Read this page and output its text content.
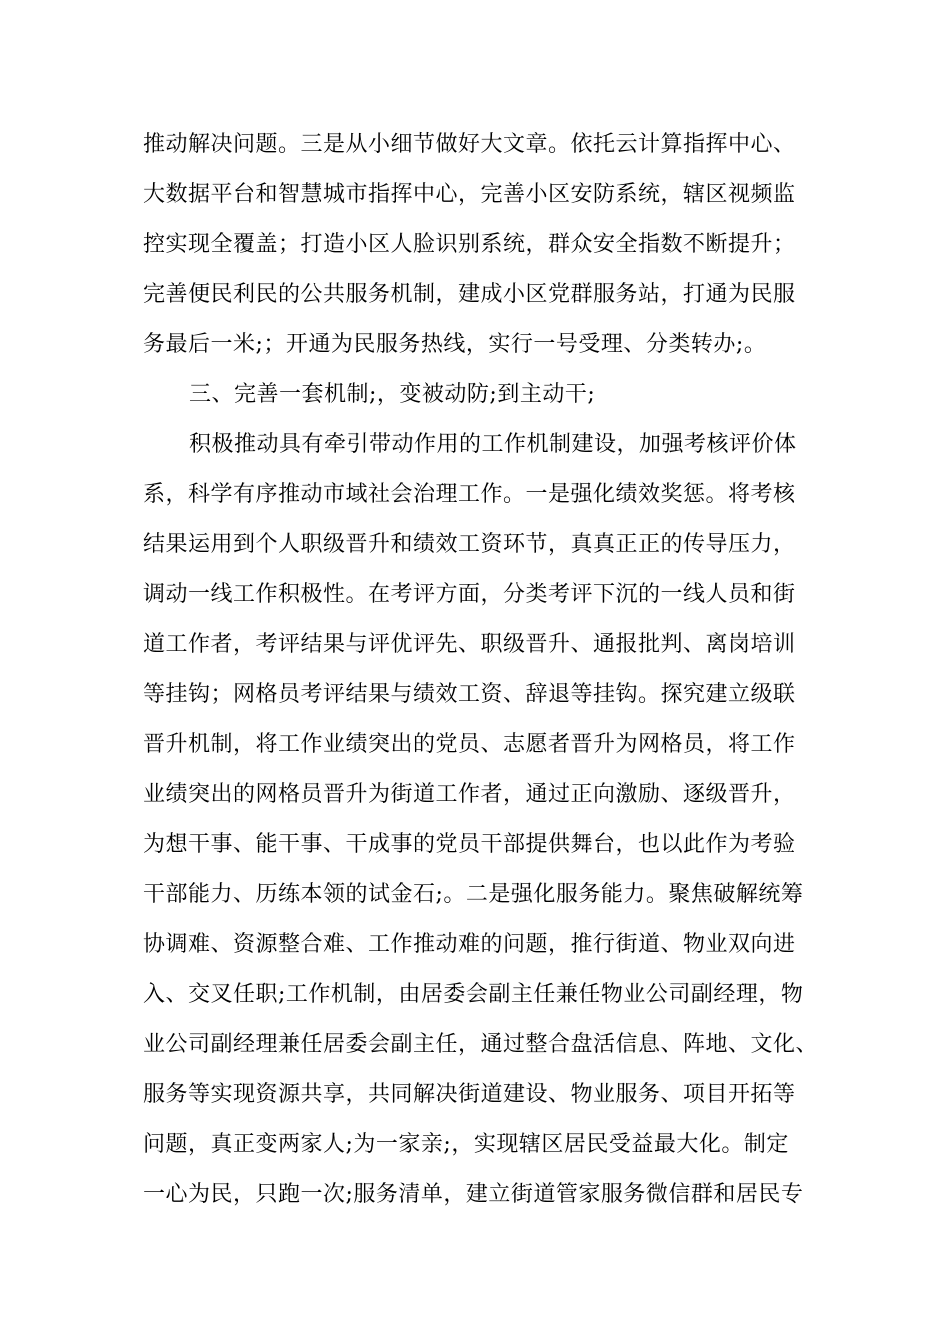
推动解决问题。三是从小细节做好大文章。依托云计算指挥中心、
大数据平台和智慧城市指挥中心，完善小区安防系统，辖区视频监
控实现全覆盖；打造小区人脸识别系统，群众安全指数不断提升；
完善便民利民的公共服务机制，建成小区党群服务站，打通为民服
务最后一米;；开通为民服务热线，实行一号受理、分类转办;。
三、完善一套机制;，变被动防;到主动干;
积极推动具有牵引带动作用的工作机制建设，加强考核评价体
系，科学有序推动市域社会治理工作。一是强化绩效奖惩。将考核
结果运用到个人职级晋升和绩效工资环节，真真正正的传导压力，
调动一线工作积极性。在考评方面，分类考评下沉的一线人员和街
道工作者，考评结果与评优评先、职级晋升、通报批判、离岗培训
等挂钩；网格员考评结果与绩效工资、辞退等挂钩。探究建立级联
晋升机制，将工作业绩突出的党员、志愿者晋升为网格员，将工作
业绩突出的网格员晋升为街道工作者，通过正向激励、逐级晋升，
为想干事、能干事、干成事的党员干部提供舞台，也以此作为考验
干部能力、历练本领的试金石;。二是强化服务能力。聚焦破解统筹
协调难、资源整合难、工作推动难的问题，推行街道、物业双向进
入、交叉任职;工作机制，由居委会副主任兼任物业公司副经理，物
业公司副经理兼任居委会副主任，通过整合盘活信息、阵地、文化、
服务等实现资源共享，共同解决街道建设、物业服务、项目开拓等
问题，真正变两家人;为一家亲;，实现辖区居民受益最大化。制定
一心为民，只跑一次;服务清单，建立街道管家服务微信群和居民专
